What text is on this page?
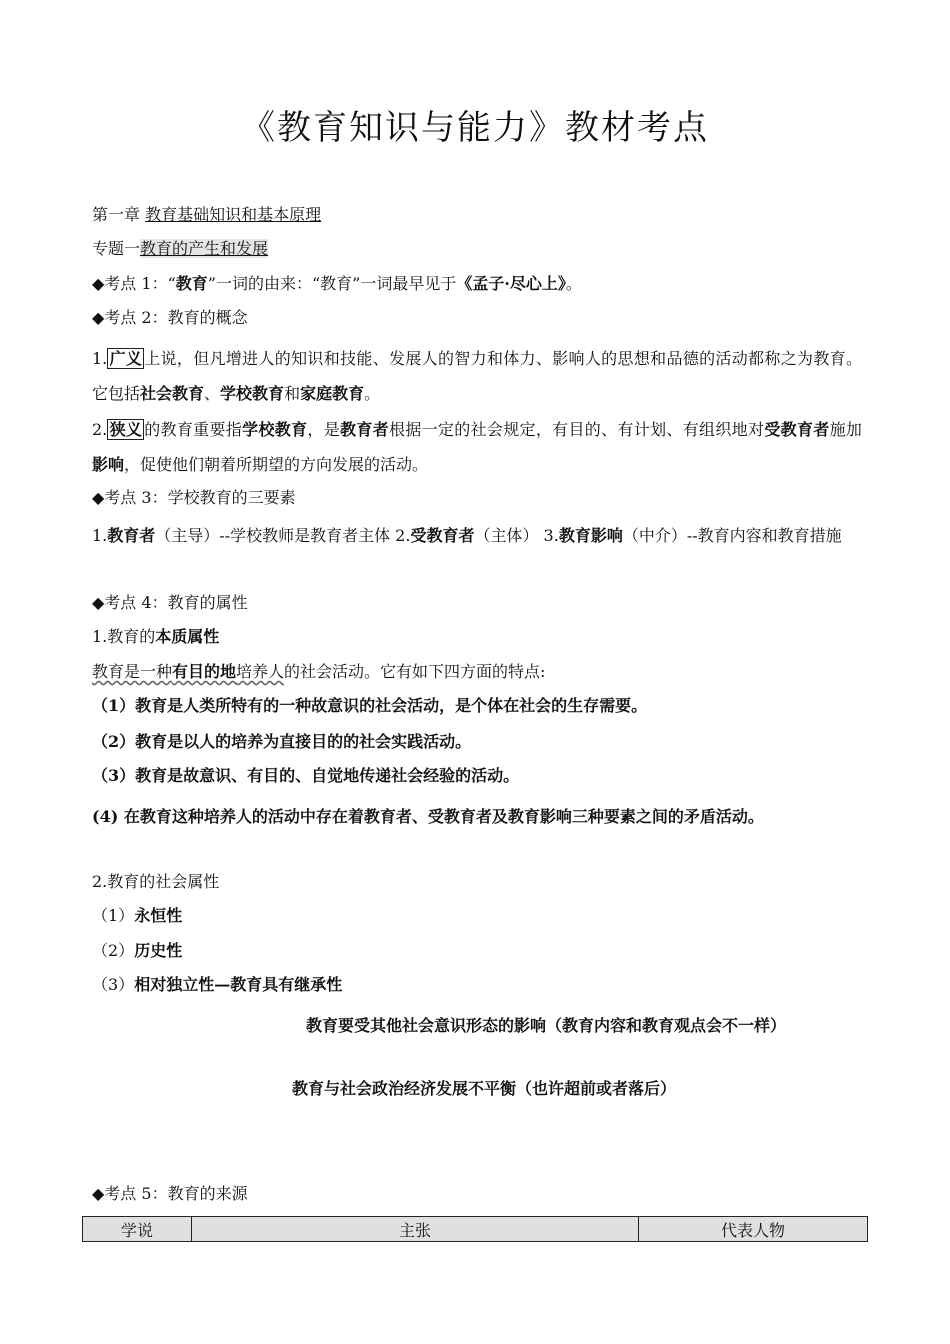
《教育知识与能力》教材考点
第一章 教育基础知识和基本原理
专题一教育的产生和发展
◆考点 1：“教育”一词的由来：“教育”一词最早见于《孟子·尽心上》。
◆考点 2：教育的概念
1. 广义 上说，但凡增进人的知识和技能、发展人的智力和体力、影响人的思想和品德的活动都称之为教育。它包括社会教育、学校教育和家庭教育。
2. 狭义 的教育重要指学校教育，是教育者根据一定的社会规定，有目的、有计划、有组织地对受教育者施加影响，促使他们朝着所期望的方向发展的活动。
◆考点 3：学校教育的三要素
1.教育者（主导）--学校教师是教育者主体 2.受教育者（主体） 3.教育影响（中介）--教育内容和教育措施
◆考点 4：教育的属性
1.教育的本质属性
教育是一种有目的地培养人的社会活动。它有如下四方面的特点:
（1）教育是人类所特有的一种故意识的社会活动，是个体在社会的生存需要。
（2）教育是以人的培养为直接目的的社会实践活动。
（3）教育是故意识、有目的、自觉地传递社会经验的活动。
(4) 在教育这种培养人的活动中存在着教育者、受教育者及教育影响三种要素之间的矛盾活动。
2.教育的社会属性
（1）永恒性
（2）历史性
（3）相对独立性—教育具有继承性
教育要受其他社会意识形态的影响（教育内容和教育观点会不一样）
教育与社会政治经济发展不平衡（也许超前或者落后）
◆考点 5：教育的来源
学说	主张	代表人物
